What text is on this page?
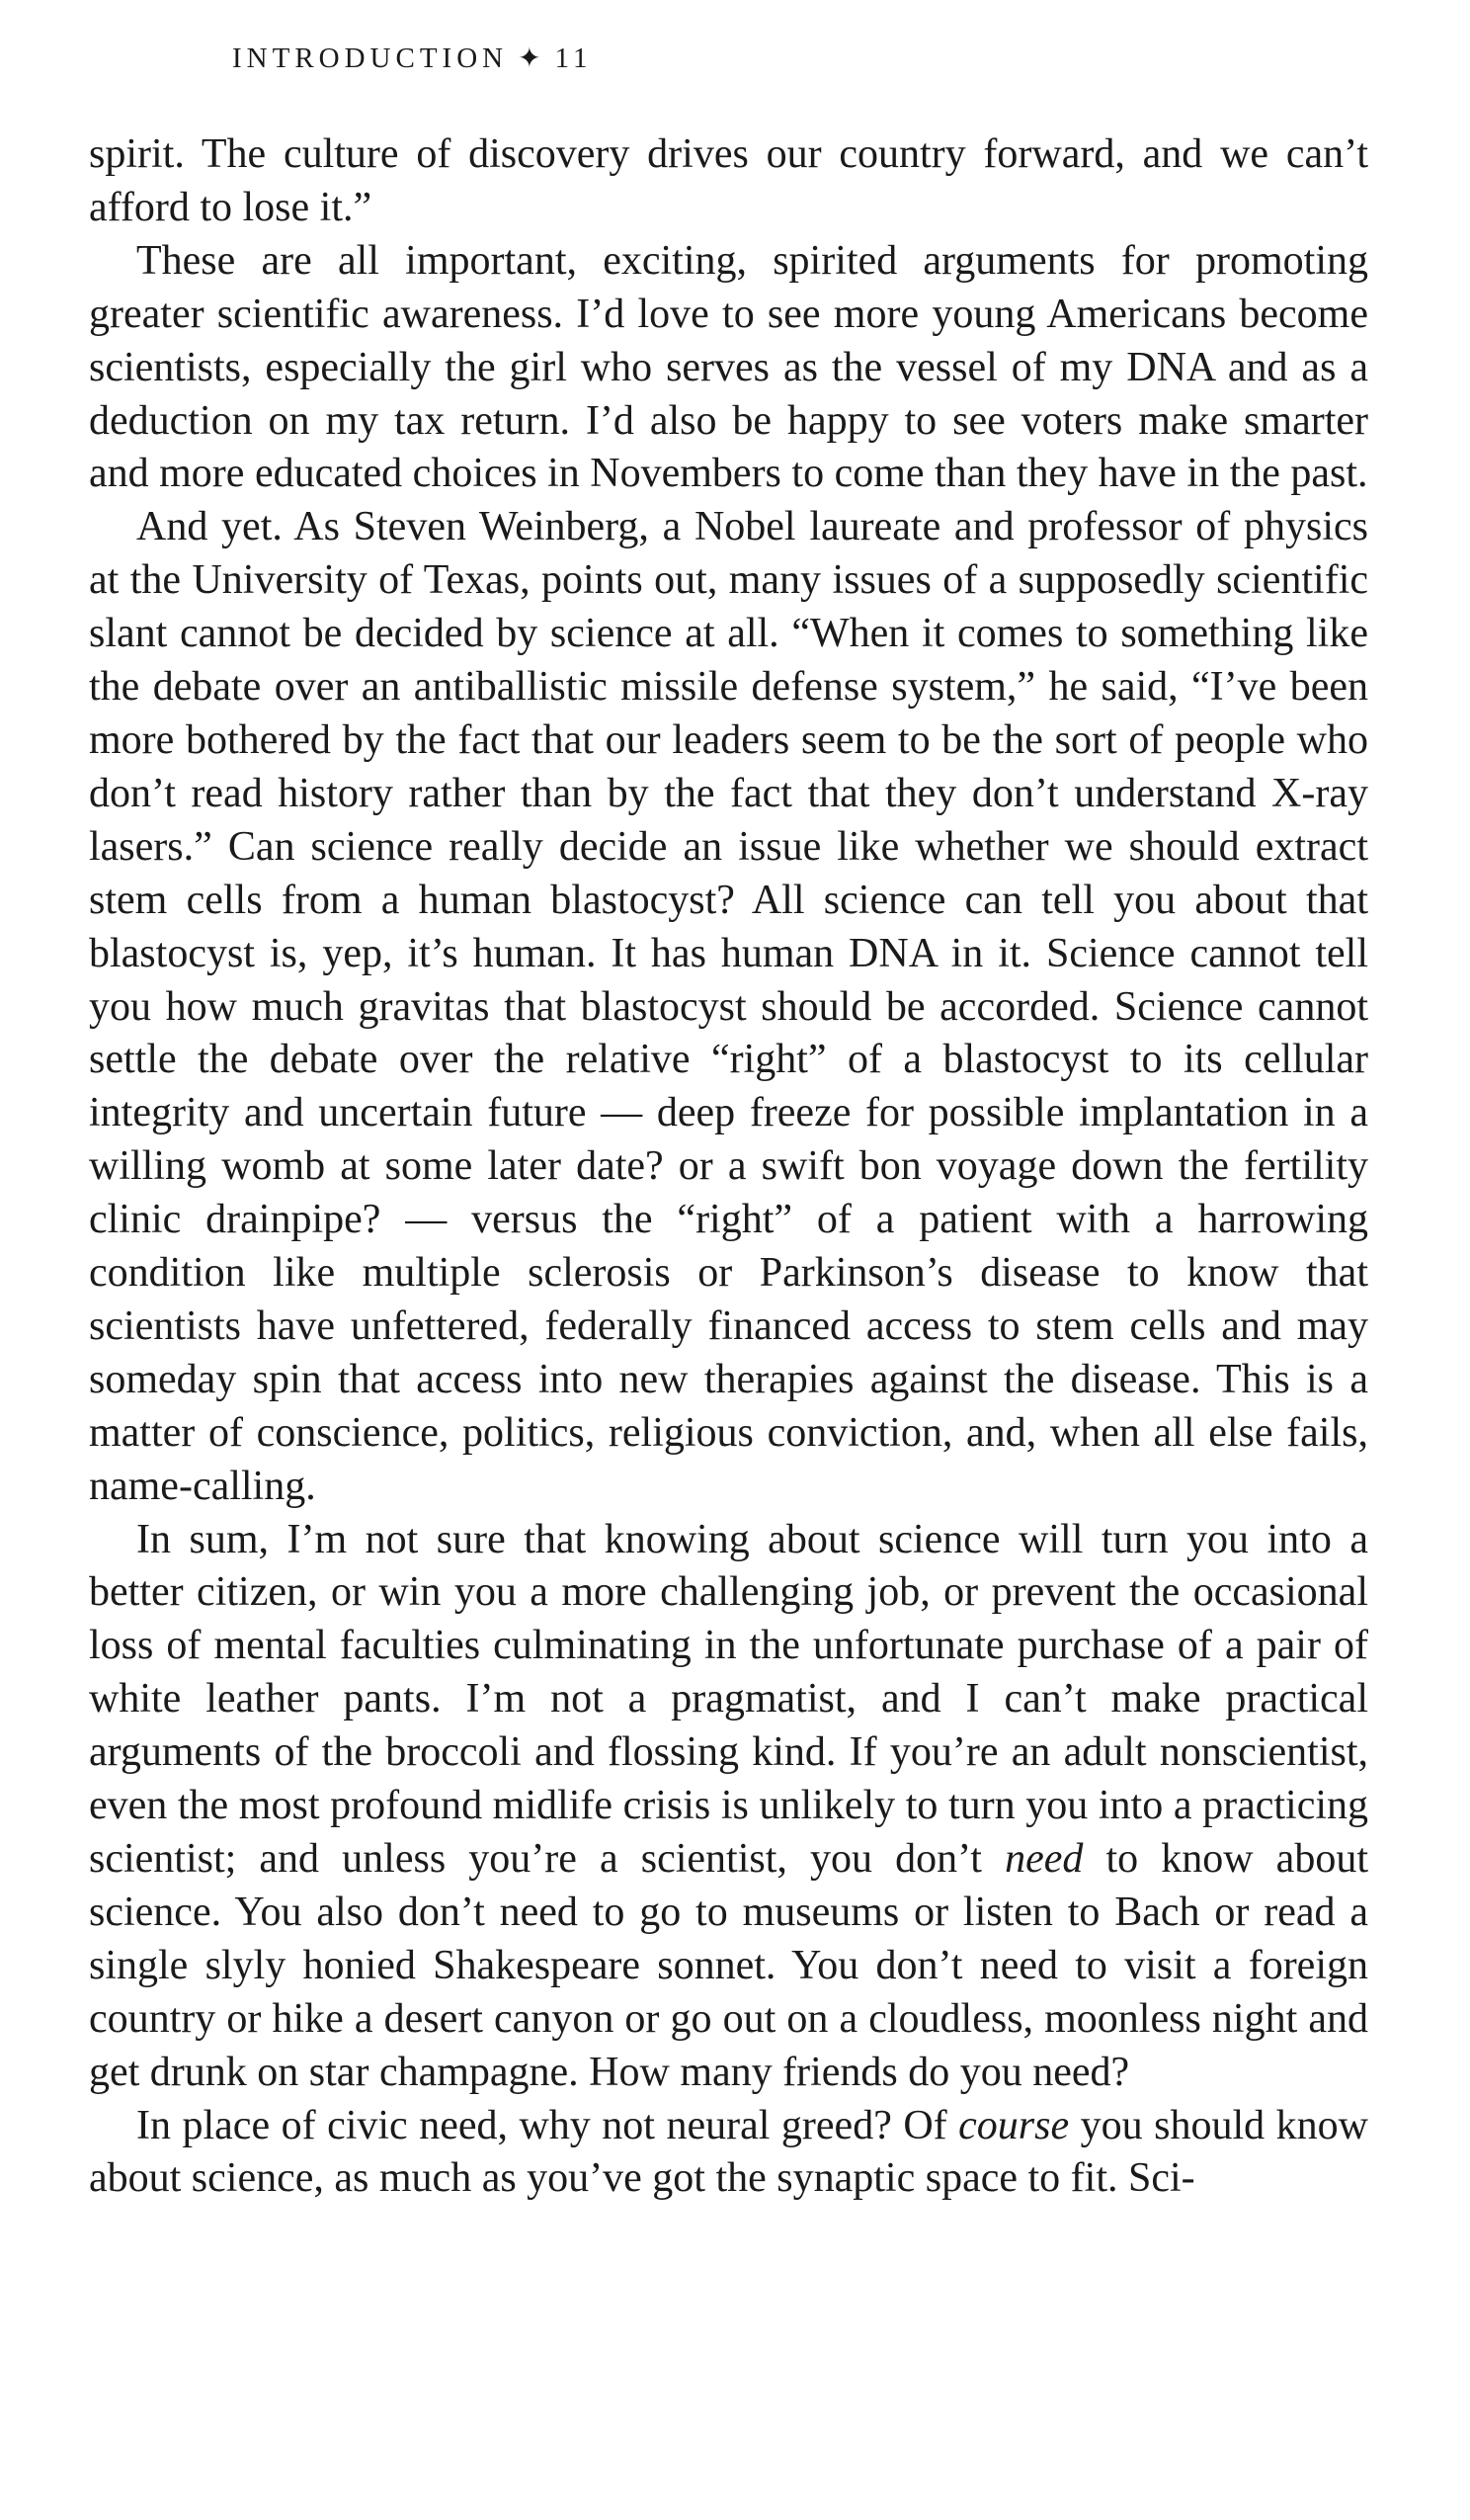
INTRODUCTION ✦ 11

spirit. The culture of discovery drives our country forward, and we can’t afford to lose it.”

These are all important, exciting, spirited arguments for promoting greater scientific awareness. I’d love to see more young Americans become scientists, especially the girl who serves as the vessel of my DNA and as a deduction on my tax return. I’d also be happy to see voters make smarter and more educated choices in Novembers to come than they have in the past.

And yet. As Steven Weinberg, a Nobel laureate and professor of physics at the University of Texas, points out, many issues of a supposedly scientific slant cannot be decided by science at all. “When it comes to something like the debate over an antiballistic missile defense system,” he said, “I’ve been more bothered by the fact that our leaders seem to be the sort of people who don’t read history rather than by the fact that they don’t understand X-ray lasers.” Can science really decide an issue like whether we should extract stem cells from a human blastocyst? All science can tell you about that blastocyst is, yep, it’s human. It has human DNA in it. Science cannot tell you how much gravitas that blastocyst should be accorded. Science cannot settle the debate over the relative “right” of a blastocyst to its cellular integrity and uncertain future — deep freeze for possible implantation in a willing womb at some later date? or a swift bon voyage down the fertility clinic drainpipe? — versus the “right” of a patient with a harrowing condition like multiple sclerosis or Parkinson’s disease to know that scientists have unfettered, federally financed access to stem cells and may someday spin that access into new therapies against the disease. This is a matter of conscience, politics, religious conviction, and, when all else fails, name-calling.

In sum, I’m not sure that knowing about science will turn you into a better citizen, or win you a more challenging job, or prevent the occasional loss of mental faculties culminating in the unfortunate purchase of a pair of white leather pants. I’m not a pragmatist, and I can’t make practical arguments of the broccoli and flossing kind. If you’re an adult nonscientist, even the most profound midlife crisis is unlikely to turn you into a practicing scientist; and unless you’re a scientist, you don’t need to know about science. You also don’t need to go to museums or listen to Bach or read a single slyly honied Shakespeare sonnet. You don’t need to visit a foreign country or hike a desert canyon or go out on a cloudless, moonless night and get drunk on star champagne. How many friends do you need?

In place of civic need, why not neural greed? Of course you should know about science, as much as you’ve got the synaptic space to fit. Sci-
